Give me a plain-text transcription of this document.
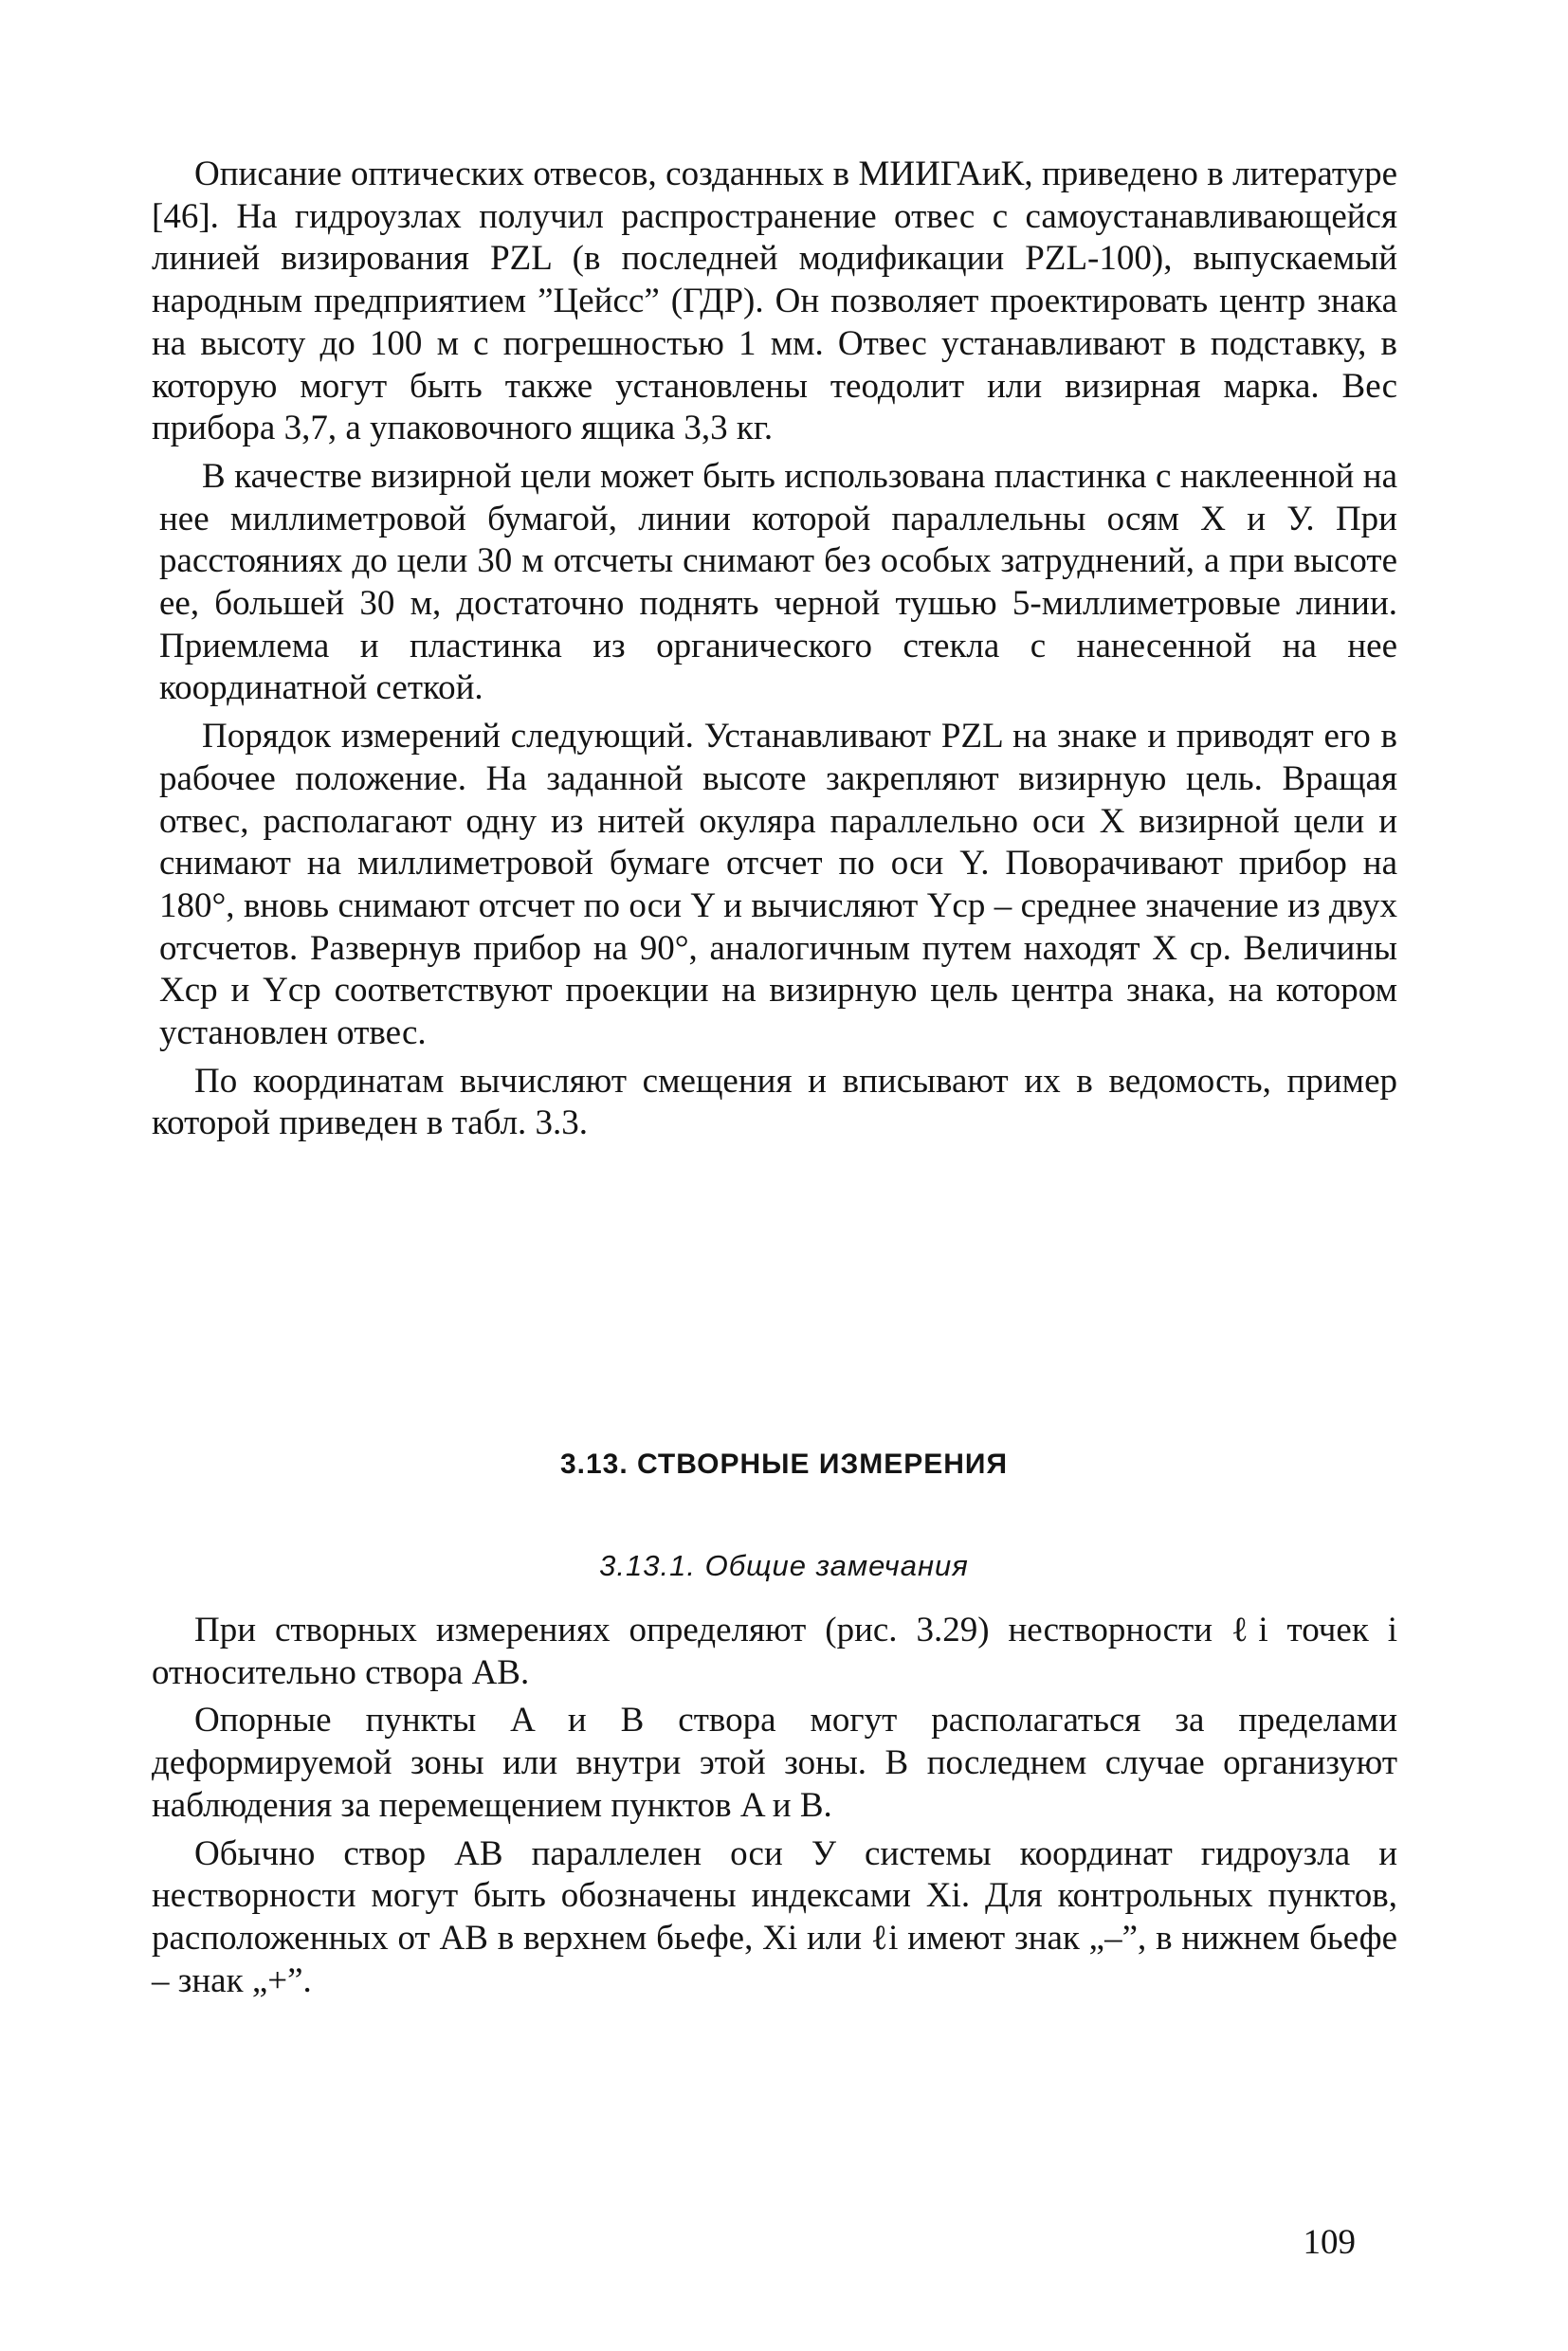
Описание оптических отвесов, созданных в МИИГАиК, приведено в литературе [46]. На гидроузлах получил распространение отвес с самоустанавливающейся линией визирования PZL (в последней модификации PZL-100), выпускаемый народным предприятием ”Цейсс” (ГДР). Он позволяет проектировать центр знака на высоту до 100 м с погрешностью 1 мм. Отвес устанавливают в подставку, в которую могут быть также установлены теодолит или визирная марка. Вес прибора 3,7, а упаковочного ящика 3,3 кг.

В качестве визирной цели может быть использована пластинка с наклеенной на нее миллиметровой бумагой, линии которой параллельны осям X и У. При расстояниях до цели 30 м отсчеты снимают без особых затруднений, а при высоте ее, большей 30 м, достаточно поднять черной тушью 5-миллиметровые линии. Приемлема и пластинка из органического стекла с нанесенной на нее координатной сеткой.

Порядок измерений следующий. Устанавливают PZL на знаке и приводят его в рабочее положение. На заданной высоте закрепляют визирную цель. Вращая отвес, располагают одну из нитей окуляра параллельно оси X визирной цели и снимают на миллиметровой бумаге отсчет по оси Y. Поворачивают прибор на 180°, вновь снимают отсчет по оси Y и вычисляют Yср – среднее значение из двух отсчетов. Развернув прибор на 90°, аналогичным путем находят X ср. Величины Xср и Yср соответствуют проекции на визирную цель центра знака, на котором установлен отвес.

По координатам вычисляют смещения и вписывают их в ведомость, пример которой приведен в табл. 3.3.

3.13. СТВОРНЫЕ ИЗМЕРЕНИЯ
3.13.1. Общие замечания

При створных измерениях определяют (рис. 3.29) нестворности ℓi точек i относительно створа AB.

Опорные пункты A и B створа могут располагаться за пределами деформируемой зоны или внутри этой зоны. В последнем случае организуют наблюдения за перемещением пунктов A и B.

Обычно створ AB параллелен оси У системы координат гидроузла и нестворности могут быть обозначены индексами Xi. Для контрольных пунктов, расположенных от AB в верхнем бьефе, Xi или ℓi имеют знак „–”, в нижнем бьефе – знак „+”.

109
